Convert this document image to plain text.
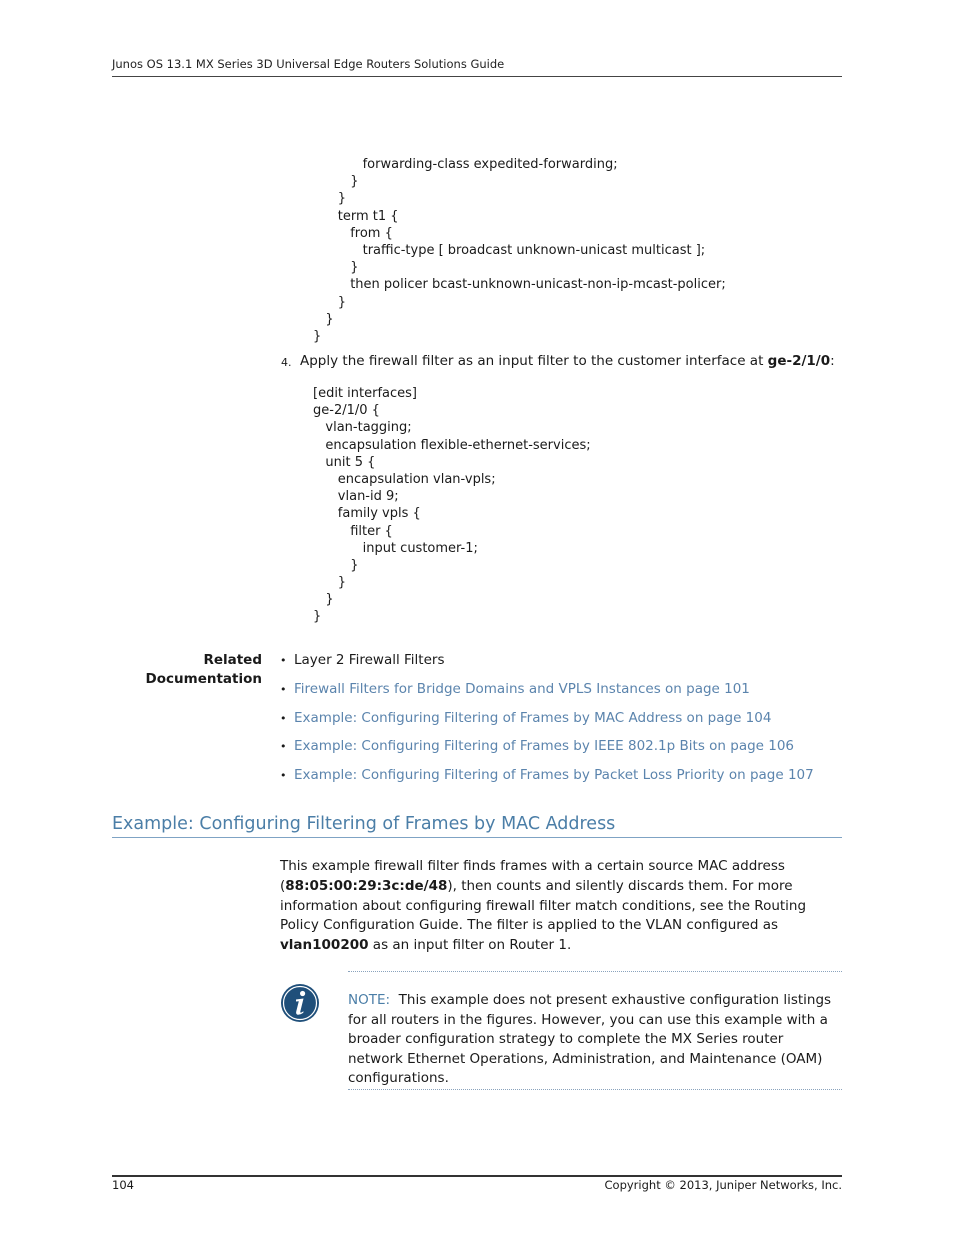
Junos OS 13.1 MX Series 3D Universal Edge Routers Solutions Guide
forwarding-class expedited-forwarding;
}
}
term t1 {
from {
traffic-type [ broadcast unknown-unicast multicast ];
}
then policer bcast-unknown-unicast-non-ip-mcast-policer;
}
}
}
4. Apply the firewall filter as an input filter to the customer interface at ge-2/1/0:
[edit interfaces]
ge-2/1/0 {
vlan-tagging;
encapsulation flexible-ethernet-services;
unit 5 {
encapsulation vlan-vpls;
vlan-id 9;
family vpls {
filter {
input customer-1;
}
}
}
}
Related
Documentation
• Layer 2 Firewall Filters
• Firewall Filters for Bridge Domains and VPLS Instances on page 101
• Example: Configuring Filtering of Frames by MAC Address on page 104
• Example: Configuring Filtering of Frames by IEEE 802.1p Bits on page 106
• Example: Configuring Filtering of Frames by Packet Loss Priority on page 107
Example: Configuring Filtering of Frames by MAC Address
This example firewall filter finds frames with a certain source MAC address (88:05:00:29:3c:de/48), then counts and silently discards them. For more information about configuring firewall filter match conditions, see the Routing Policy Configuration Guide. The filter is applied to the VLAN configured as vlan100200 as an input filter on Router 1.
NOTE: This example does not present exhaustive configuration listings for all routers in the figures. However, you can use this example with a broader configuration strategy to complete the MX Series router network Ethernet Operations, Administration, and Maintenance (OAM) configurations.
104	Copyright © 2013, Juniper Networks, Inc.
